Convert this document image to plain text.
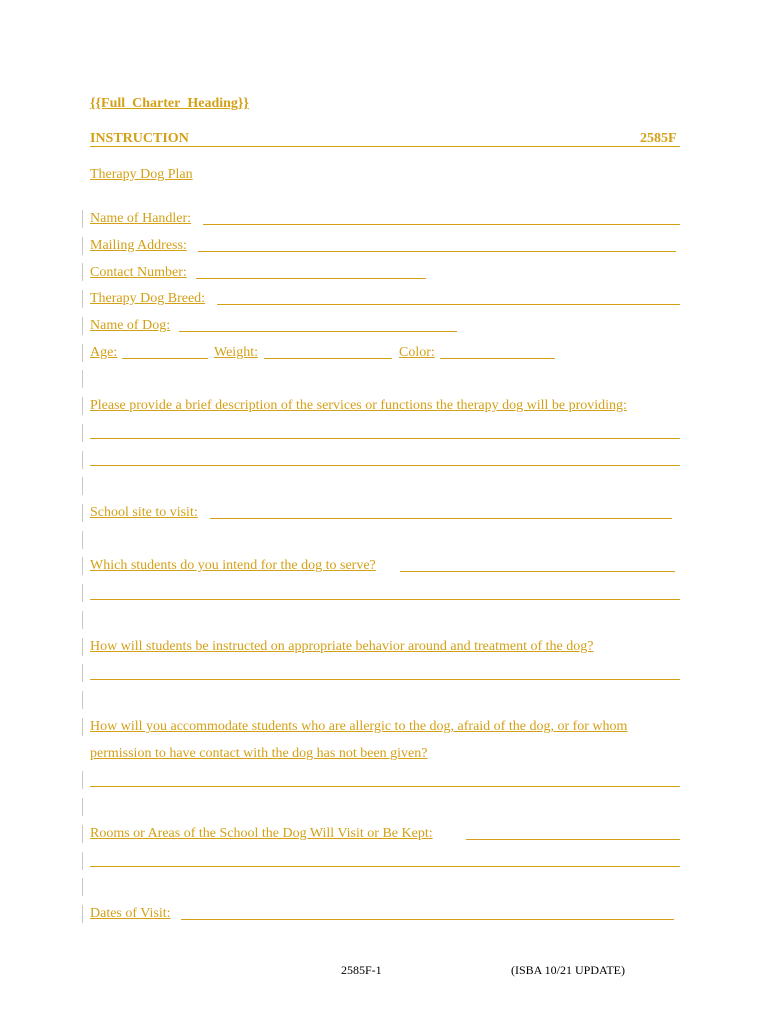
{{Full_Charter_Heading}}
INSTRUCTION	2585F
Therapy Dog Plan
Name of Handler:
Mailing Address:
Contact Number:
Therapy Dog Breed:
Name of Dog:
Age:	Weight:	Color:
Please provide a brief description of the services or functions the therapy dog will be providing:
School site to visit:
Which students do you intend for the dog to serve?
How will students be instructed on appropriate behavior around and treatment of the dog?
How will you accommodate students who are allergic to the dog, afraid of the dog, or for whom
permission to have contact with the dog has not been given?
Rooms or Areas of the School the Dog Will Visit or Be Kept:
Dates of Visit:
2585F-1	(ISBA 10/21 UPDATE)
